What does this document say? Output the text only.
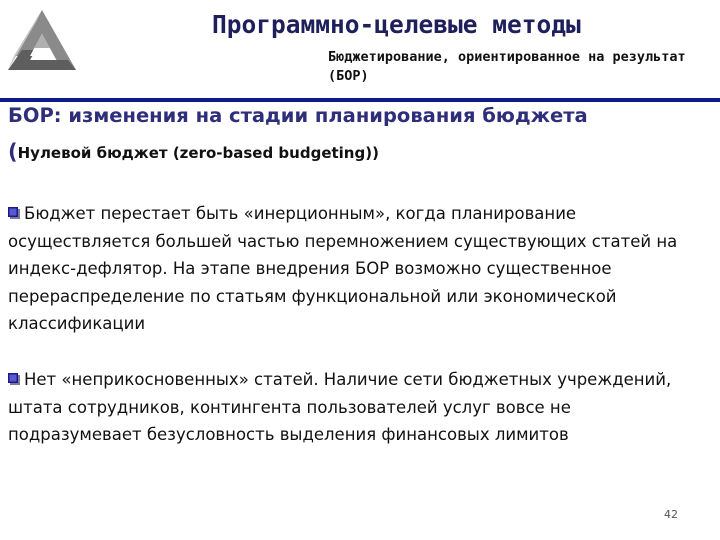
Программно-целевые методы
Бюджетирование, ориентированное на результат (БОР)
БОР: изменения на стадии планирования бюджета
(Нулевой бюджет (zero-based budgeting))
Бюджет перестает быть «инерционным», когда планирование осуществляется большей частью перемножением существующих статей на индекс-дефлятор. На этапе внедрения БОР возможно существенное перераспределение по статьям функциональной или экономической классификации
Нет «неприкосновенных» статей. Наличие сети бюджетных учреждений, штата сотрудников, контингента пользователей услуг вовсе не подразумевает безусловность выделения финансовых лимитов
42
